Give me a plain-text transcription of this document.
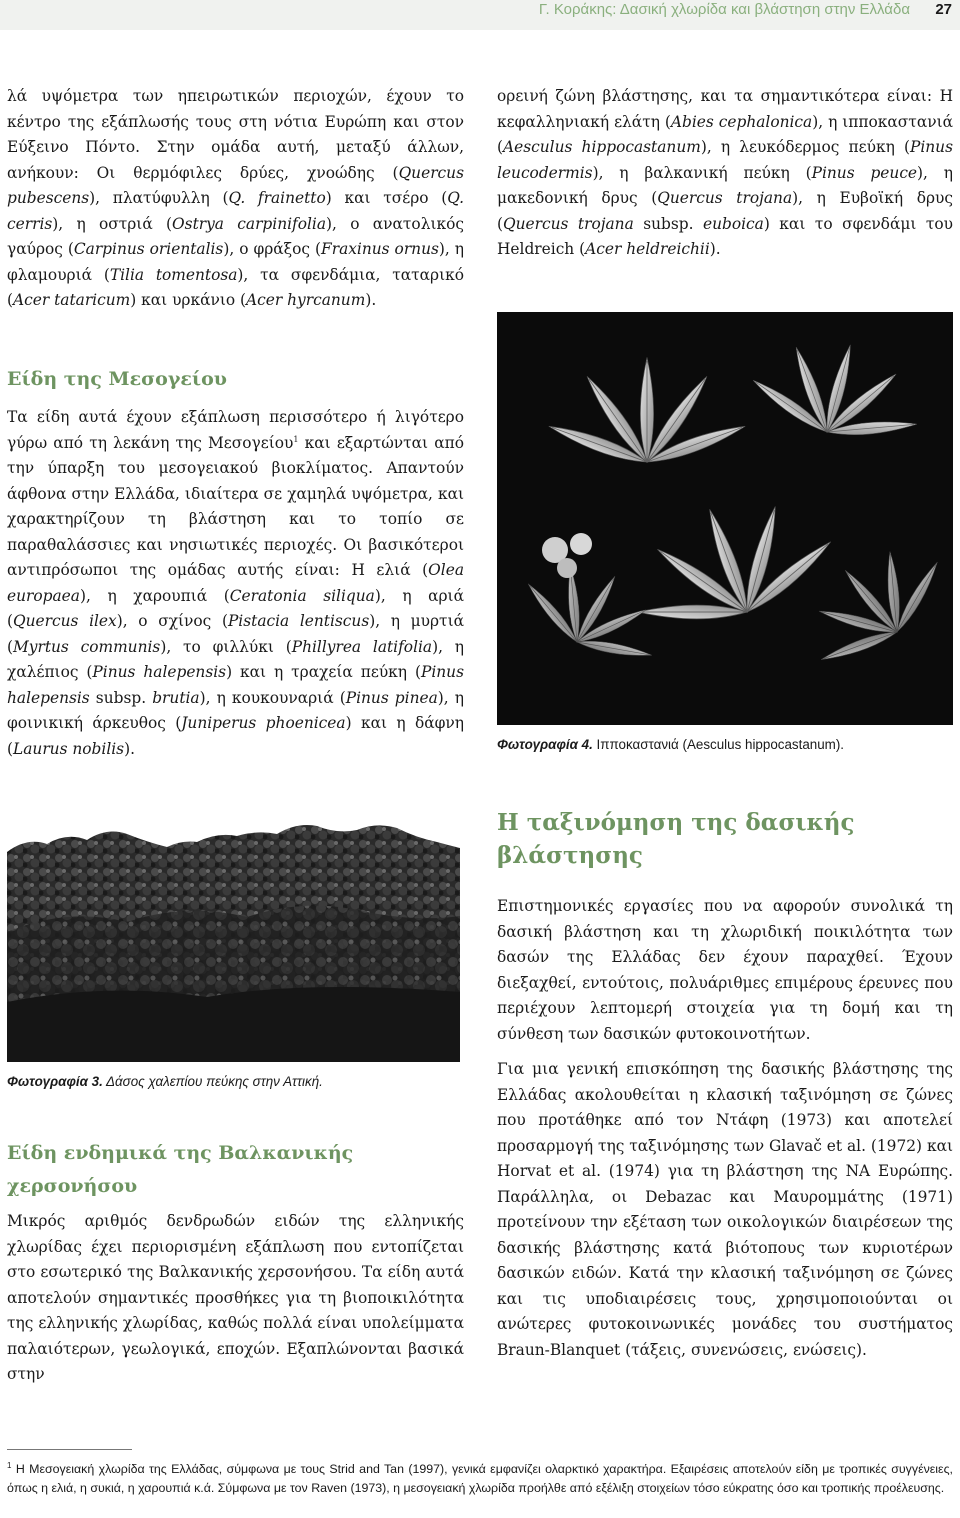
Γ. Κοράκης: Δασική χλωρίδα και βλάστηση στην Ελλάδα 27

λά υψόμετρα των ηπειρωτικών περιοχών, έχουν το κέντρο της εξάπλωσής τους στη νότια Ευρώπη και στον Εύξεινο Πόντο. Στην ομάδα αυτή, μεταξύ άλλων, ανήκουν: Οι θερμόφιλες δρύες, χνοώδης (Quercus pubescens), πλατύφυλλη (Q. frainetto) και τσέρο (Q. cerris), η οστριά (Ostrya carpinifolia), ο ανατολικός γαύρος (Carpinus orientalis), ο φράξος (Fraxinus ornus), η φλαμουριά (Tilia tomentosa), τα σφενδάμια, ταταρικό (Acer tataricum) και υρκάνιο (Acer hyrcanum).

Είδη της Μεσογείου

Τα είδη αυτά έχουν εξάπλωση περισσότερο ή λιγότερο γύρω από τη λεκάνη της Μεσογείου$^1$ και εξαρτώνται από την ύπαρξη του μεσογειακού βιοκλίματος. Απαντούν άφθονα στην Ελλάδα, ιδιαίτερα σε χαμηλά υψόμετρα, και χαρακτηρίζουν τη βλάστηση και το τοπίο σε παραθαλάσσιες και νησιωτικές περιοχές. Οι βασικότεροι αντιπρόσωποι της ομάδας αυτής είναι: Η ελιά (Olea europaea), η χαρουπιά (Ceratonia siliqua), η αριά (Quercus ilex), ο σχίνος (Pistacia lentiscus), η μυρτιά (Myrtus communis), το φιλλύκι (Phillyrea latifolia), η χαλέπιος (Pinus halepensis) και η τραχεία πεύκη (Pinus halepensis subsp. brutia), η κουκουναριά (Pinus pinea), η φοινικική άρκευθος (Juniperus phoenicea) και η δάφνη (Laurus nobilis).

Φωτογραφία 3. Δάσος χαλεπίου πεύκης στην Αττική.
Είδη ενδημικά της Βαλκανικής χερσονήσου

Μικρός αριθμός δενδρωδών ειδών της ελληνικής χλωρίδας έχει περιορισμένη εξάπλωση που εντοπίζεται στο εσωτερικό της Βαλκανικής χερσονήσου. Τα είδη αυτά αποτελούν σημαντικές προσθήκες για τη βιοποικιλότητα της ελληνικής χλωρίδας, καθώς πολλά είναι υπολείμματα παλαιότερων, γεωλογικά, εποχών. Εξαπλώνονται βασικά στην

ορεινή ζώνη βλάστησης, και τα σημαντικότερα είναι: Η κεφαλληνιακή ελάτη (Abies cephalonica), η ιπποκαστανιά (Aesculus hippocastanum), η λευκόδερμος πεύκη (Pinus leucodermis), η βαλκανική πεύκη (Pinus peuce), η μακεδονική δρυς (Quercus trojana), η Ευβοϊκή δρυς (Quercus trojana subsp. euboica) και το σφενδάμι του Heldreich (Acer heldreichii).

Φωτογραφία 4. Ιπποκαστανιά (Aesculus hippocastanum).
Η ταξινόμηση της δασικής βλάστησης

Επιστημονικές εργασίες που να αφορούν συνολικά τη δασική βλάστηση και τη χλωριδική ποικιλότητα των δασών της Ελλάδας δεν έχουν παραχθεί. Έχουν διεξαχθεί, εντούτοις, πολυάριθμες επιμέρους έρευνες που περιέχουν λεπτομερή στοιχεία για τη δομή και τη σύνθεση των δασικών φυτοκοινοτήτων.

Για μια γενική επισκόπηση της δασικής βλάστησης της Ελλάδας ακολουθείται η κλασική ταξινόμηση σε ζώνες που προτάθηκε από τον Ντάφη (1973) και αποτελεί προσαρμογή της ταξινόμησης των Glavač et al. (1972) και Horvat et al. (1974) για τη βλάστηση της ΝΑ Ευρώπης. Παράλληλα, οι Debazac και Μαυρομμάτης (1971) προτείνουν την εξέταση των οικολογικών διαιρέσεων της δασικής βλάστησης κατά βιότοπους των κυριοτέρων δασικών ειδών. Κατά την κλασική ταξινόμηση σε ζώνες και τις υποδιαιρέσεις τους, χρησιμοποιούνται οι ανώτερες φυτοκοινωνικές μονάδες του συστήματος Braun-Blanquet (τάξεις, συνενώσεις, ενώσεις).

$^1$ Η Μεσογειακή χλωρίδα της Ελλάδας, σύμφωνα με τους Strid and Tan (1997), γενικά εμφανίζει ολαρκτικό χαρακτήρα. Εξαιρέσεις αποτελούν είδη με τροπικές συγγένειες, όπως η ελιά, η συκιά, η χαρουπιά κ.ά. Σύμφωνα με τον Raven (1973), η μεσογειακή χλωρίδα προήλθε από εξέλιξη στοιχείων τόσο εύκρατης όσο και τροπικής προέλευσης.
